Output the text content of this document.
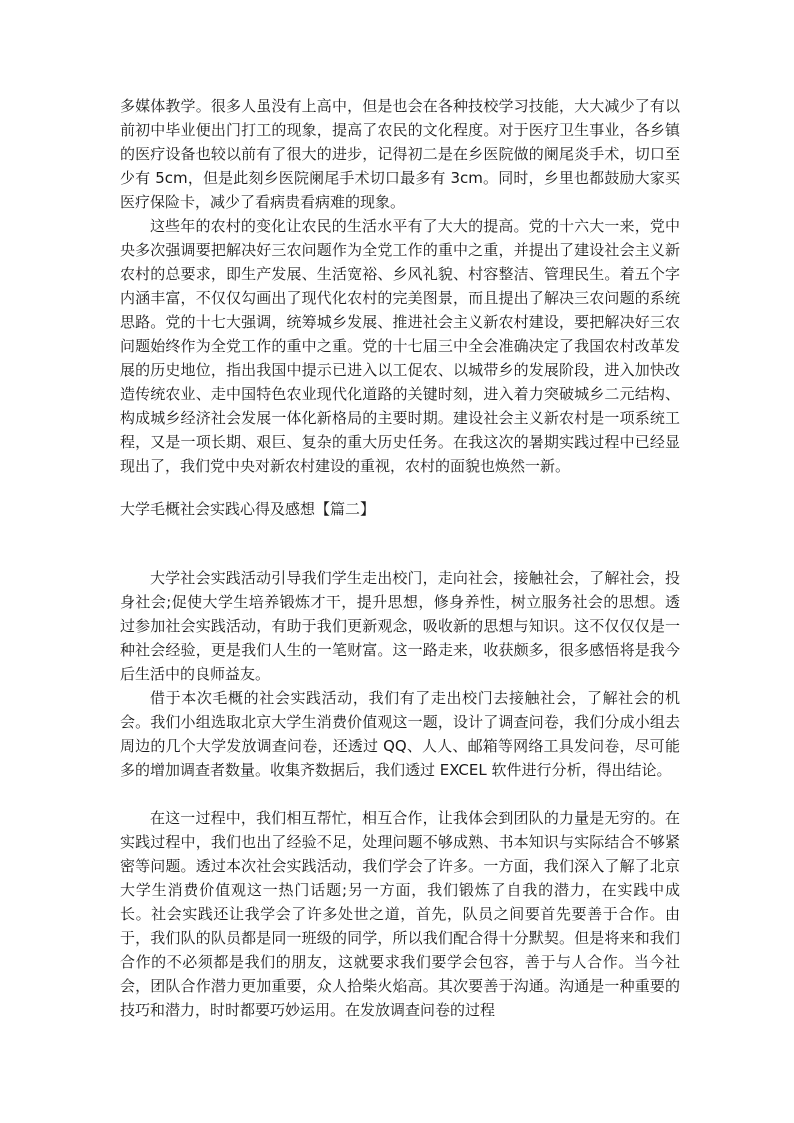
多媒体教学。很多人虽没有上高中，但是也会在各种技校学习技能，大大减少了有以前初中毕业便出门打工的现象，提高了农民的文化程度。对于医疗卫生事业，各乡镇的医疗设备也较以前有了很大的进步，记得初二是在乡医院做的阑尾炎手术，切口至少有 5cm，但是此刻乡医院阑尾手术切口最多有 3cm。同时，乡里也都鼓励大家买医疗保险卡，减少了看病贵看病难的现象。

这些年的农村的变化让农民的生活水平有了大大的提高。党的十六大一来，党中央多次强调要把解决好三农问题作为全党工作的重中之重，并提出了建设社会主义新农村的总要求，即生产发展、生活宽裕、乡风礼貌、村容整洁、管理民生。着五个字内涵丰富，不仅仅勾画出了现代化农村的完美图景，而且提出了解决三农问题的系统思路。党的十七大强调，统筹城乡发展、推进社会主义新农村建设，要把解决好三农问题始终作为全党工作的重中之重。党的十七届三中全会准确决定了我国农村改革发展的历史地位，指出我国中提示已进入以工促农、以城带乡的发展阶段，进入加快改造传统农业、走中国特色农业现代化道路的关键时刻，进入着力突破城乡二元结构、构成城乡经济社会发展一体化新格局的主要时期。建设社会主义新农村是一项系统工程，又是一项长期、艰巨、复杂的重大历史任务。在我这次的暑期实践过程中已经显现出了，我们党中央对新农村建设的重视，农村的面貌也焕然一新。

大学毛概社会实践心得及感想【篇二】

大学社会实践活动引导我们学生走出校门，走向社会，接触社会，了解社会，投身社会;促使大学生培养锻炼才干，提升思想，修身养性，树立服务社会的思想。透过参加社会实践活动，有助于我们更新观念，吸收新的思想与知识。这不仅仅仅是一种社会经验，更是我们人生的一笔财富。这一路走来，收获颇多，很多感悟将是我今后生活中的良师益友。

借于本次毛概的社会实践活动，我们有了走出校门去接触社会，了解社会的机会。我们小组选取北京大学生消费价值观这一题，设计了调查问卷，我们分成小组去周边的几个大学发放调查问卷，还透过 QQ、人人、邮箱等网络工具发问卷，尽可能多的增加调查者数量。收集齐数据后，我们透过 EXCEL 软件进行分析，得出结论。

在这一过程中，我们相互帮忙，相互合作，让我体会到团队的力量是无穷的。在实践过程中，我们也出了经验不足，处理问题不够成熟、书本知识与实际结合不够紧密等问题。透过本次社会实践活动，我们学会了许多。一方面，我们深入了解了北京大学生消费价值观这一热门话题;另一方面，我们锻炼了自我的潜力，在实践中成长。社会实践还让我学会了许多处世之道，首先，队员之间要首先要善于合作。由于，我们队的队员都是同一班级的同学，所以我们配合得十分默契。但是将来和我们合作的不必须都是我们的朋友，这就要求我们要学会包容，善于与人合作。当今社会，团队合作潜力更加重要，众人拾柴火焰高。其次要善于沟通。沟通是一种重要的技巧和潜力，时时都要巧妙运用。在发放调查问卷的过程
